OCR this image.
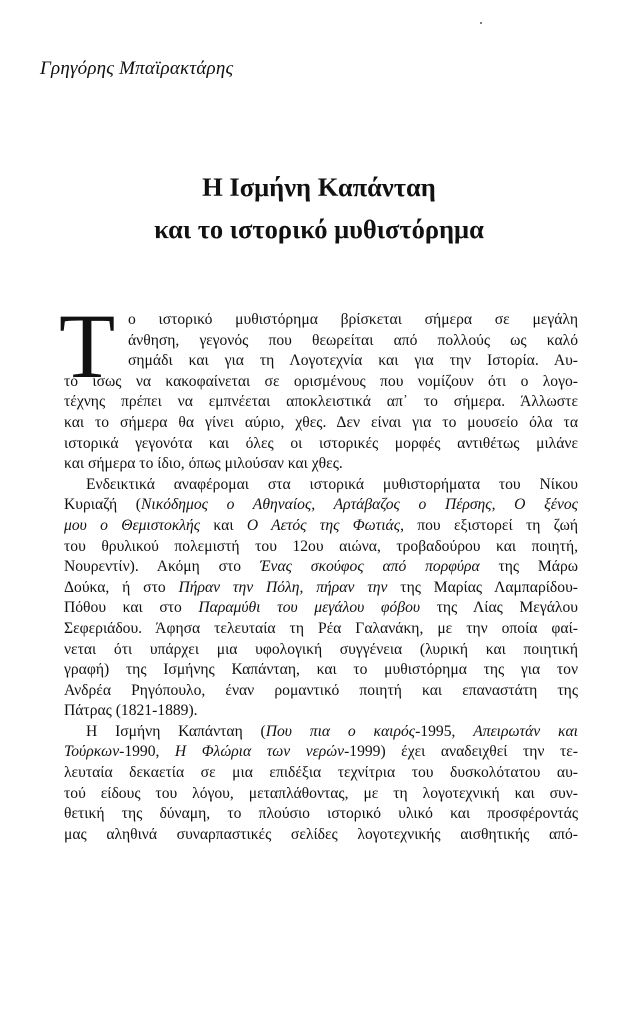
Γρηγόρης Μπαϊρακτάρης
Η Ισμήνη Καπάνταη
και το ιστορικό μυθιστόρημα
Τ ο ιστορικό μυθιστόρημα βρίσκεται σήμερα σε μεγάλη
άνθηση, γεγονός που θεωρείται από πολλούς ως καλό
σημάδι και για τη Λογοτεχνία και για την Ιστορία. Αυ-
τό ίσως να κακοφαίνεται σε ορισμένους που νομίζουν ότι ο λογο-
τέχνης πρέπει να εμπνέεται αποκλειστικά απ᾽ το σήμερα. Άλλωστε
και το σήμερα θα γίνει αύριο, χθες. Δεν είναι για το μουσείο όλα τα
ιστορικά γεγονότα και όλες οι ιστορικές μορφές αντιθέτως μιλάνε
και σήμερα το ίδιο, όπως μιλούσαν και χθες.
Ενδεικτικά αναφέρομαι στα ιστορικά μυθιστορήματα του Νίκου
Κυριαζή (Νικόδημος ο Αθηναίος, Αρτάβαζος ο Πέρσης, Ο ξένος
μου ο Θεμιστοκλής και Ο Αετός της Φωτιάς, που εξιστορεί τη ζωή
του θρυλικού πολεμιστή του 12ου αιώνα, τροβαδούρου και ποιητή,
Νουρεντίν). Ακόμη στο Ένας σκούφος από πορφύρα της Μάρω
Δούκα, ή στο Πήραν την Πόλη, πήραν την της Μαρίας Λαμπαρίδου-
Πόθου και στο Παραμύθι του μεγάλου φόβου της Λίας Μεγάλου
Σεφεριάδου. Άφησα τελευταία τη Ρέα Γαλανάκη, με την οποία φαί-
νεται ότι υπάρχει μια υφολογική συγγένεια (λυρική και ποιητική
γραφή) της Ισμήνης Καπάνταη, και το μυθιστόρημα της για τον
Ανδρέα Ρηγόπουλο, έναν ρομαντικό ποιητή και επαναστάτη της
Πάτρας (1821-1889).
Η Ισμήνη Καπάνταη (Που πια ο καιρός-1995, Απειρωτάν και
Τούρκων-1990, Η Φλώρια των νερών-1999) έχει αναδειχθεί την τε-
λευταία δεκαετία σε μια επιδέξια τεχνίτρια του δυσκολότατου αυ-
τού είδους του λόγου, μεταπλάθοντας, με τη λογοτεχνική και συν-
θετική της δύναμη, το πλούσιο ιστορικό υλικό και προσφέροντάς
μας αληθινά συναρπαστικές σελίδες λογοτεχνικής αισθητικής από-
